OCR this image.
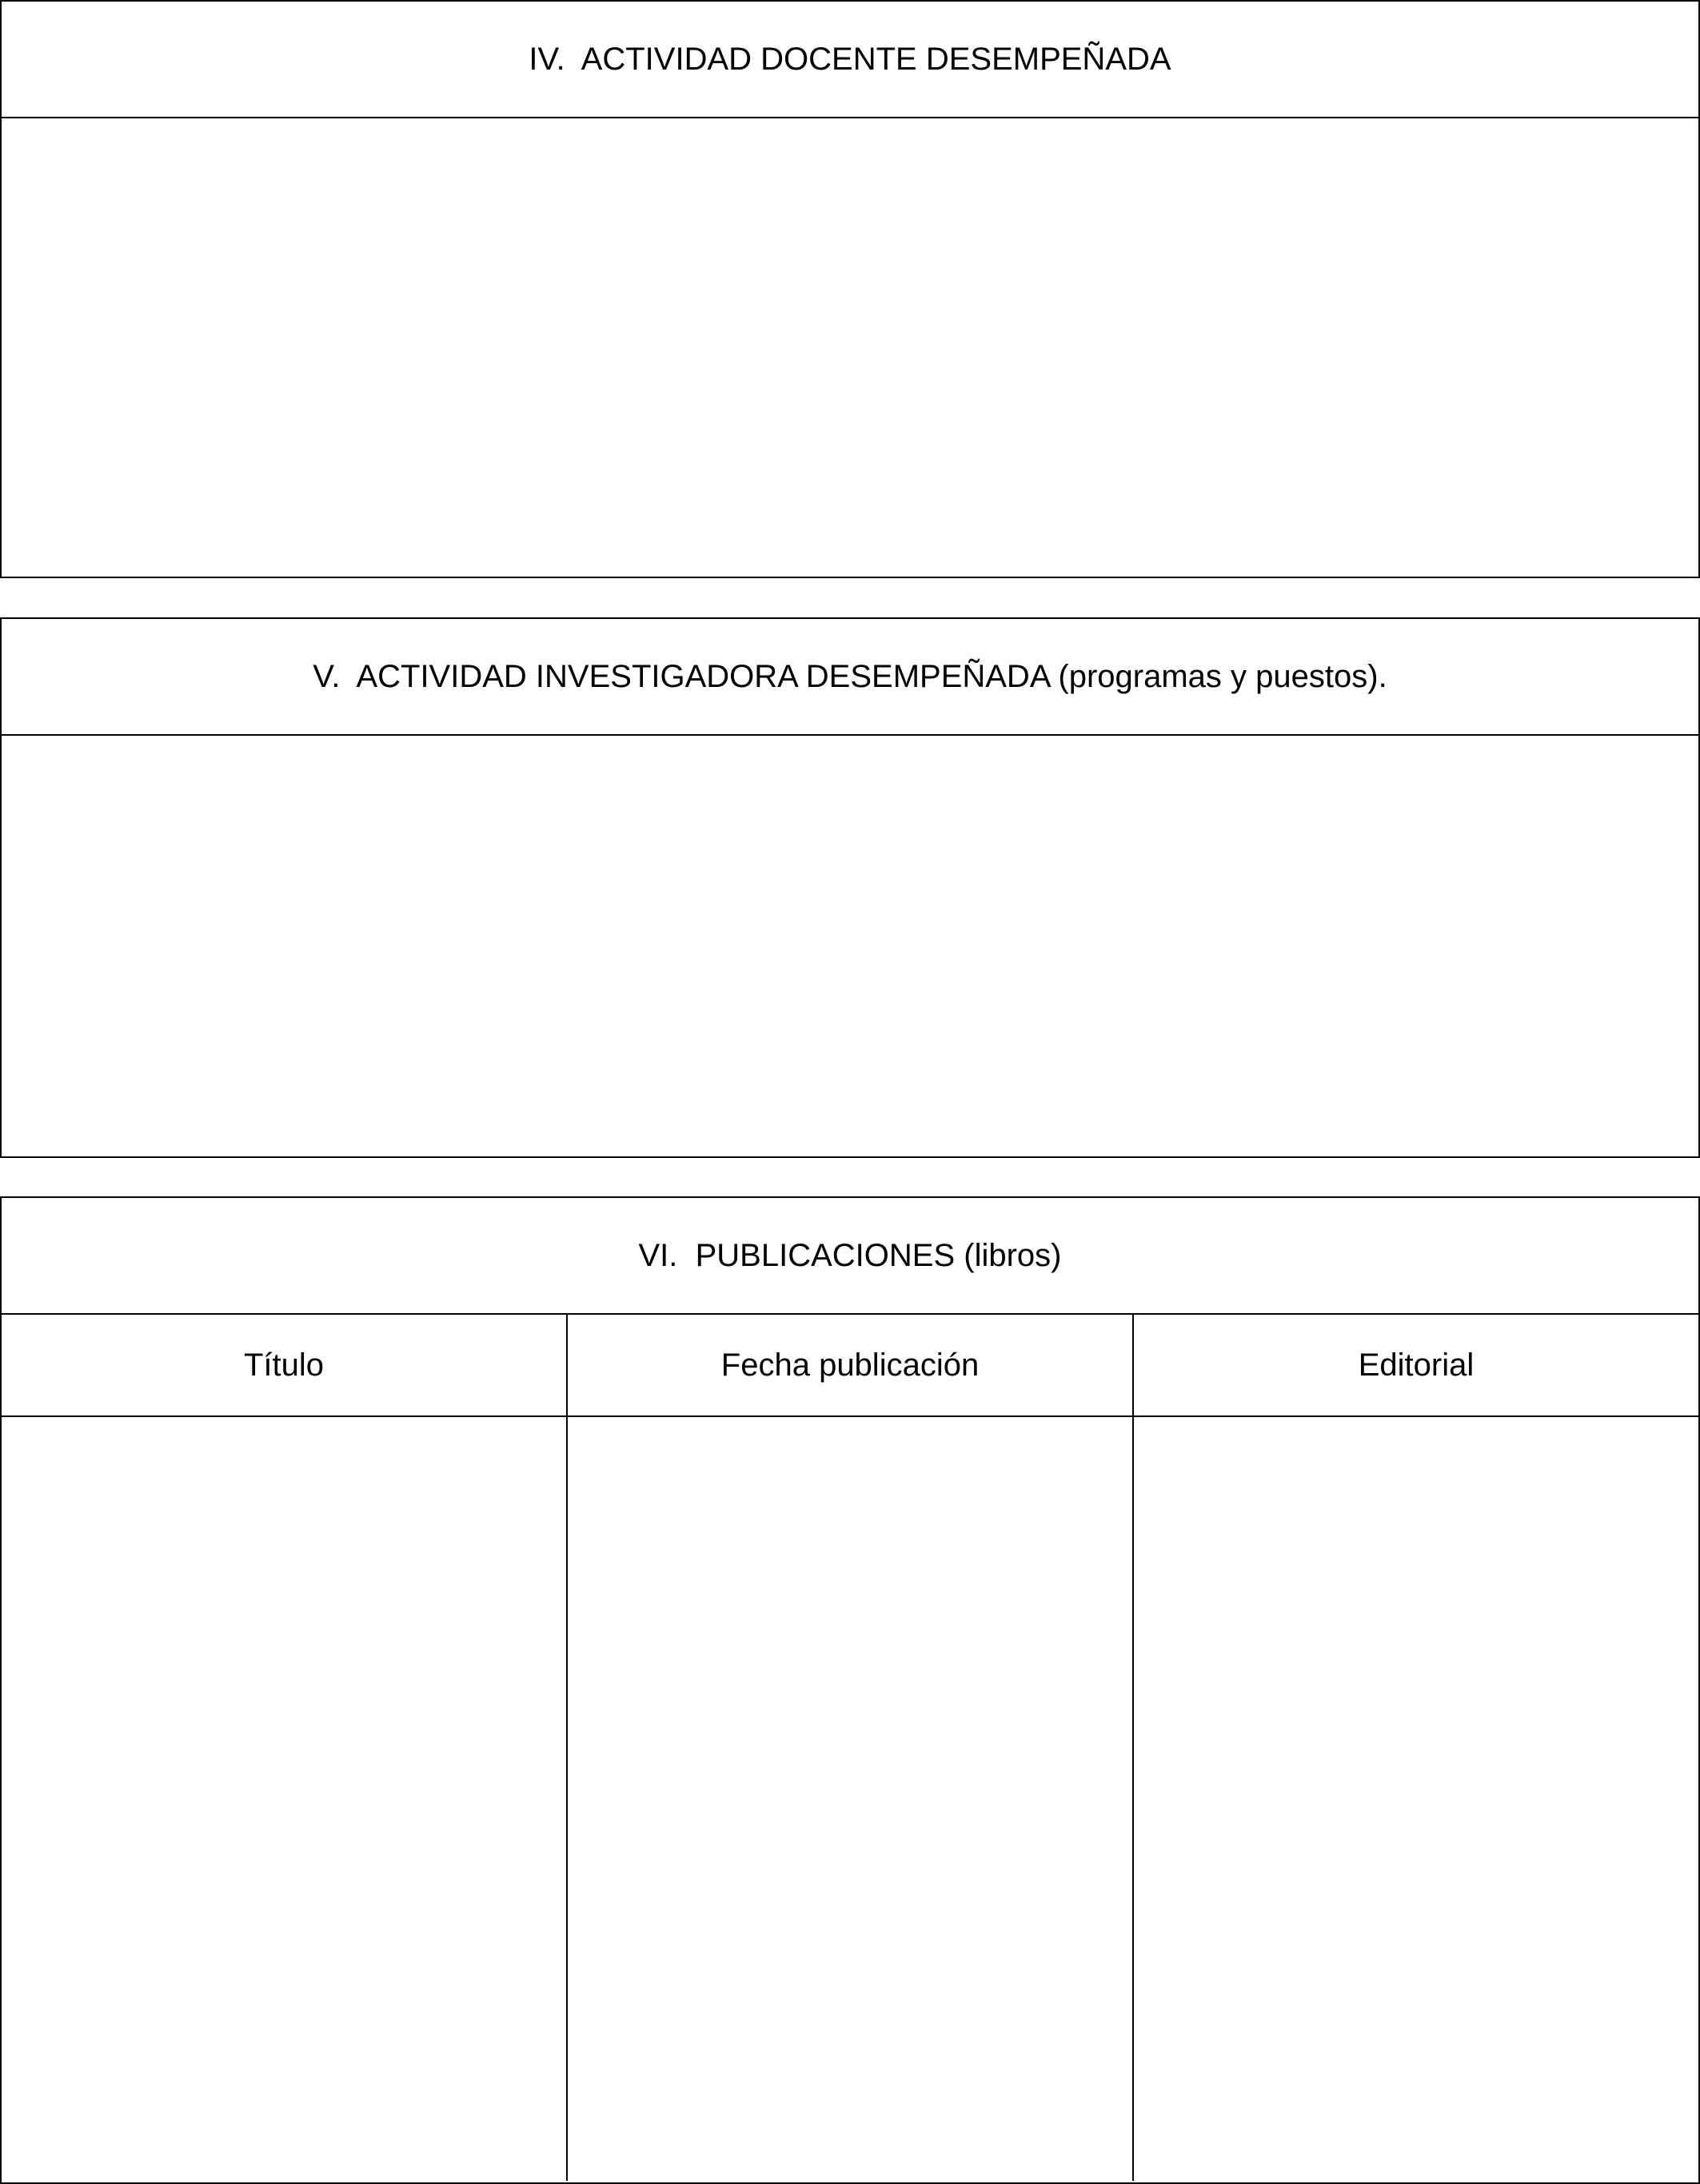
IV.  ACTIVIDAD DOCENTE DESEMPEÑADA
V.  ACTIVIDAD INVESTIGADORA DESEMPEÑADA (programas y puestos).
VI.  PUBLICACIONES (libros)
Título	Fecha publicación	Editorial
